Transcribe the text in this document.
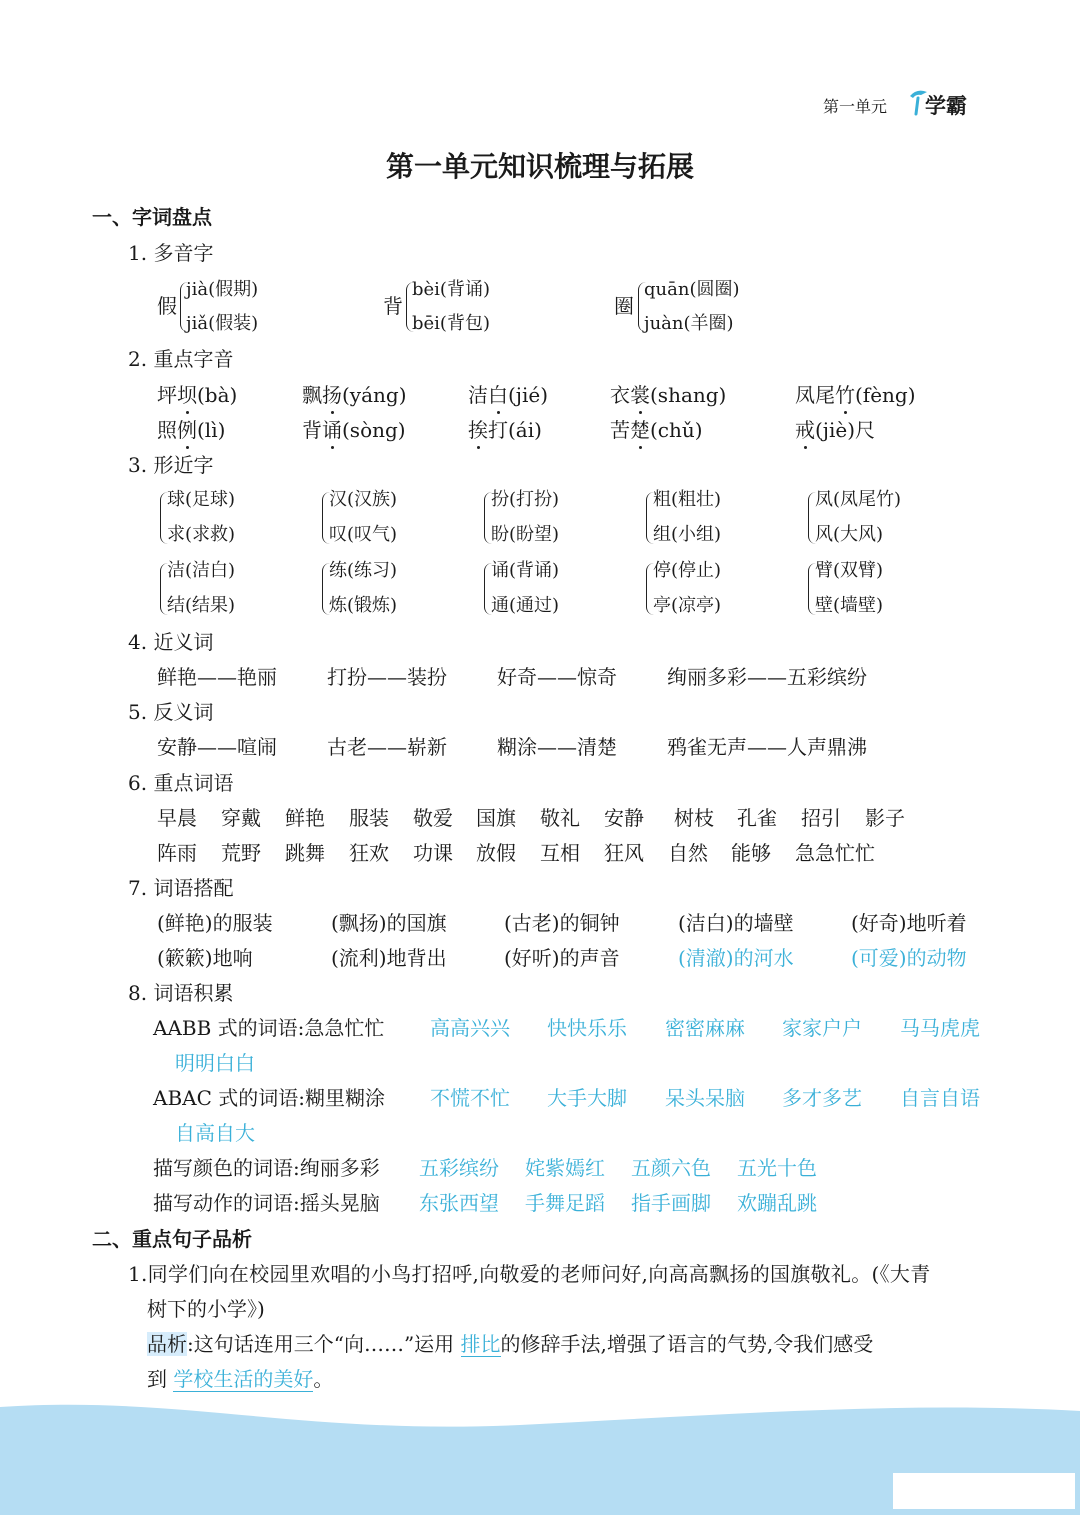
第一单元 学霸
第一单元知识梳理与拓展
一、字词盘点
1. 多音字
假
jià(假期)
jiǎ(假装)
背
bèi(背诵)
bēi(背包)
圈
quān(圆圈)
juàn(羊圈)
2. 重点字音
坪坝(bà)	飘扬(yáng)	洁白(jié)	衣裳(shang)	凤尾竹(fèng)
照例(lì)	背诵(sòng)	挨打(ái)	苦楚(chǔ)	戒(jiè)尺
3. 形近字
球(足球)
求(求救)
汉(汉族)
叹(叹气)
扮(打扮)
盼(盼望)
粗(粗壮)
组(小组)
凤(凤尾竹)
风(大风)
洁(洁白)
结(结果)
练(练习)
炼(锻炼)
诵(背诵)
通(通过)
停(停止)
亭(凉亭)
臂(双臂)
壁(墙壁)
4. 近义词
鲜艳——艳丽	打扮——装扮	好奇——惊奇	绚丽多彩——五彩缤纷
5. 反义词
安静——喧闹	古老——崭新	糊涂——清楚	鸦雀无声——人声鼎沸
6. 重点词语
早晨 穿戴 鲜艳 服装 敬爱 国旗 敬礼 安静 树枝 孔雀 招引 影子
阵雨 荒野 跳舞 狂欢 功课 放假 互相 狂风 自然 能够 急急忙忙
7. 词语搭配
(鲜艳)的服装	(飘扬)的国旗	(古老)的铜钟	(洁白)的墙壁	(好奇)地听着
(簌簌)地响	(流利)地背出	(好听)的声音	(清澈)的河水	(可爱)的动物
8. 词语积累
AABB 式的词语:急急忙忙 高高兴兴 快快乐乐 密密麻麻 家家户户 马马虎虎
明明白白
ABAC 式的词语:糊里糊涂 不慌不忙 大手大脚 呆头呆脑 多才多艺 自言自语
自高自大
描写颜色的词语:绚丽多彩 五彩缤纷 姹紫嫣红 五颜六色 五光十色
描写动作的词语:摇头晃脑 东张西望 手舞足蹈 指手画脚 欢蹦乱跳
二、重点句子品析
1.同学们向在校园里欢唱的小鸟打招呼,向敬爱的老师问好,向高高飘扬的国旗敬礼。(《大青
树下的小学》)
品析:这句话连用三个“向……”运用 排比的修辞手法,增强了语言的气势,令我们感受
到 学校生活的美好。
